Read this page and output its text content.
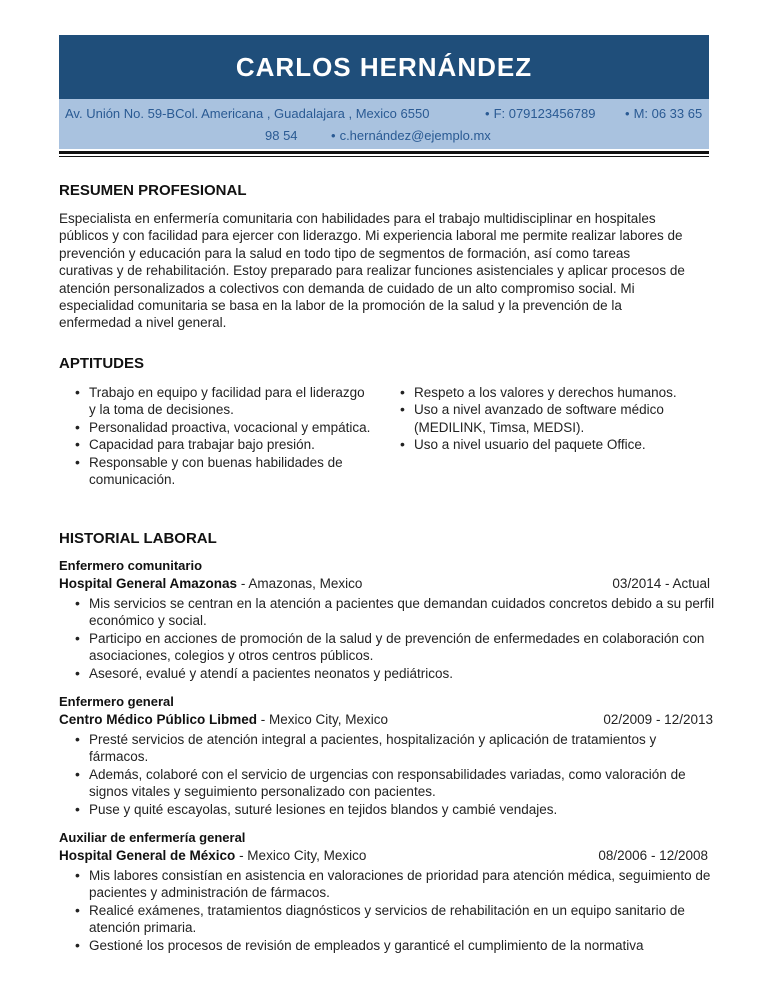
CARLOS HERNÁNDEZ
Av. Unión No. 59-BCol. Americana , Guadalajara , Mexico 6550	• F: 079123456789 • M: 06 33 65
98 54	• c.hernández@ejemplo.mx
RESUMEN PROFESIONAL
Especialista en enfermería comunitaria con habilidades para el trabajo multidisciplinar en hospitales
públicos y con facilidad para ejercer con liderazgo. Mi experiencia laboral me permite realizar labores de
prevención y educación para la salud en todo tipo de segmentos de formación, así como tareas
curativas y de rehabilitación. Estoy preparado para realizar funciones asistenciales y aplicar procesos de
atención personalizados a colectivos con demanda de cuidado de un alto compromiso social. Mi
especialidad comunitaria se basa en la labor de la promoción de la salud y la prevención de la
enfermedad a nivel general.
APTITUDES
• Trabajo en equipo y facilidad para el liderazgo y la toma de decisiones.
• Personalidad proactiva, vocacional y empática.
• Capacidad para trabajar bajo presión.
• Responsable y con buenas habilidades de comunicación.
• Respeto a los valores y derechos humanos.
• Uso a nivel avanzado de software médico (MEDILINK, Timsa, MEDSI).
• Uso a nivel usuario del paquete Office.
HISTORIAL LABORAL
Enfermero comunitario
Hospital General Amazonas - Amazonas, Mexico	03/2014 - Actual
• Mis servicios se centran en la atención a pacientes que demandan cuidados concretos debido a su perfil económico y social.
• Participo en acciones de promoción de la salud y de prevención de enfermedades en colaboración con asociaciones, colegios y otros centros públicos.
• Asesoré, evalué y atendí a pacientes neonatos y pediátricos.
Enfermero general
Centro Médico Público Libmed - Mexico City, Mexico	02/2009 - 12/2013
• Presté servicios de atención integral a pacientes, hospitalización y aplicación de tratamientos y fármacos.
• Además, colaboré con el servicio de urgencias con responsabilidades variadas, como valoración de signos vitales y seguimiento personalizado con pacientes.
• Puse y quité escayolas, suturé lesiones en tejidos blandos y cambié vendajes.
Auxiliar de enfermería general
Hospital General de México - Mexico City, Mexico	08/2006 - 12/2008
• Mis labores consistían en asistencia en valoraciones de prioridad para atención médica, seguimiento de pacientes y administración de fármacos.
• Realicé exámenes, tratamientos diagnósticos y servicios de rehabilitación en un equipo sanitario de atención primaria.
• Gestioné los procesos de revisión de empleados y garanticé el cumplimiento de la normativa
